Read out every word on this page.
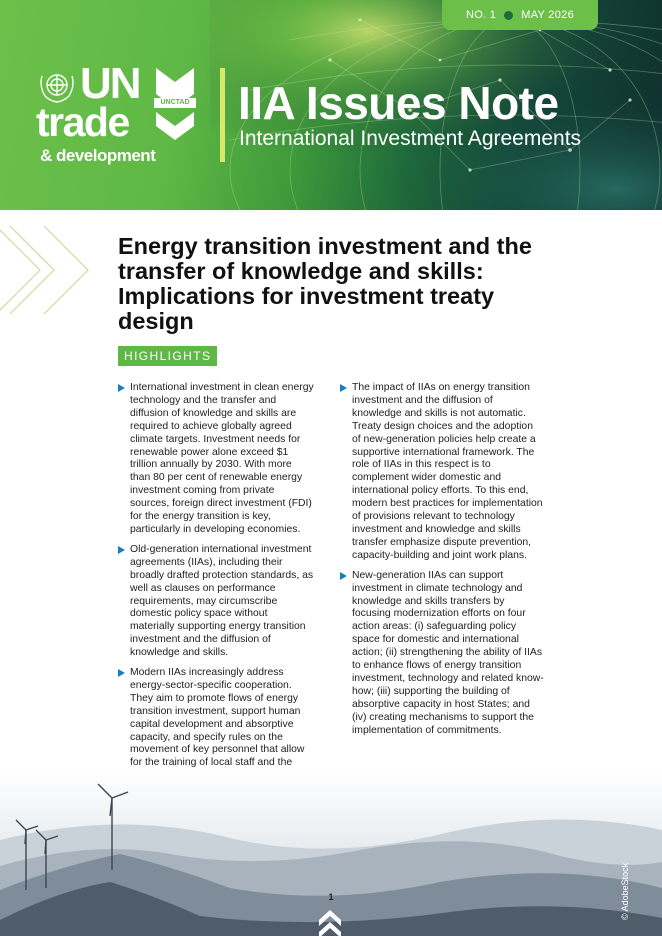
NO. 1 MAY 2026
UN
trade
& development
UNCTAD IIA Issues Note
International Investment Agreements
Energy transition investment and the transfer of knowledge and skills: Implications for investment treaty design
HIGHLIGHTS
International investment in clean energy technology and the transfer and diffusion of knowledge and skills are required to achieve globally agreed climate targets. Investment needs for renewable power alone exceed $1 trillion annually by 2030. With more than 80 per cent of renewable energy investment coming from private sources, foreign direct investment (FDI) for the energy transition is key, particularly in developing economies.
Old-generation international investment agreements (IIAs), including their broadly drafted protection standards, as well as clauses on performance requirements, may circumscribe domestic policy space without materially supporting energy transition investment and the diffusion of knowledge and skills.
Modern IIAs increasingly address energy-sector-specific cooperation. They aim to promote flows of energy transition investment, support human capital development and absorptive capacity, and specify rules on the movement of key personnel that allow for the training of local staff and the
The impact of IIAs on energy transition investment and the diffusion of knowledge and skills is not automatic. Treaty design choices and the adoption of new-generation policies help create a supportive international framework. The role of IIAs in this respect is to complement wider domestic and international policy efforts. To this end, modern best practices for implementation of provisions relevant to technology investment and knowledge and skills transfer emphasize dispute prevention, capacity-building and joint work plans.
New-generation IIAs can support investment in climate technology and knowledge and skills transfers by focusing modernization efforts on four action areas: (i) safeguarding policy space for domestic and international action; (ii) strengthening the ability of IIAs to enhance flows of energy transition investment, technology and related know-how; (iii) supporting the building of absorptive capacity in host States; and (iv) creating mechanisms to support the implementation of commitments.
1	© AdobeStock
